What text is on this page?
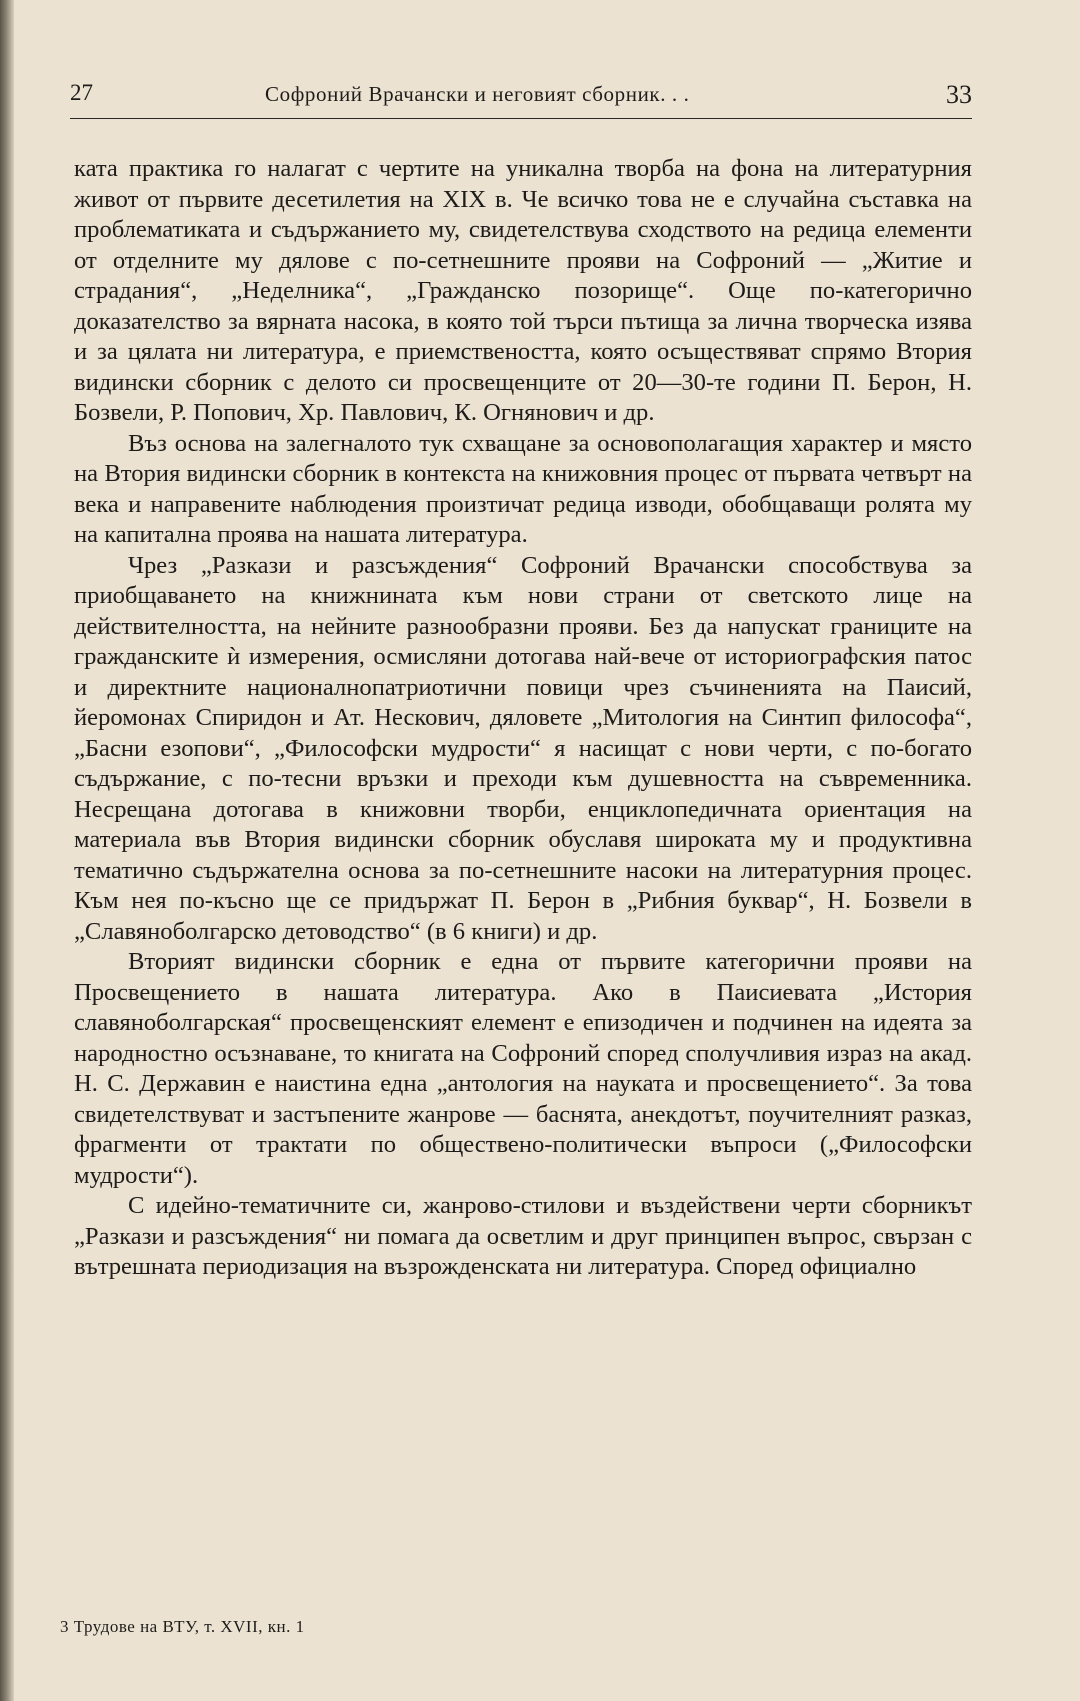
27	Софроний Врачански и неговият сборник. . .	33

ката практика го налагат с чертите на уникална творба на фона на литературния живот от първите десетилетия на XIX в. Че всичко това не е случайна съставка на проблематиката и съдържанието му, свидетелствува сходството на редица елементи от отделните му дялове с по-сетнешните прояви на Софроний — „Житие и страдания“, „Неделника“, „Гражданско позорище“. Още по-категорично доказателство за вярната насока, в която той търси пътища за лична творческа изява и за цялата ни литература, е приемствеността, която осъществяват спрямо Втория видински сборник с делото си просвещенците от 20—30-те години П. Берон, Н. Бозвели, Р. Попович, Хр. Павлович, К. Огнянович и др.

Въз основа на залегналото тук схващане за основополагащия характер и място на Втория видински сборник в контекста на книжовния процес от първата четвърт на века и направените наблюдения произтичат редица изводи, обобщаващи ролята му на капитална проява на нашата литература.

Чрез „Разкази и разсъждения“ Софроний Врачански способствува за приобщаването на книжнината към нови страни от светското лице на действителността, на нейните разнообразни прояви. Без да напускат границите на гражданските ѝ измерения, осмисляни дотогава най-вече от историографския патос и директните националнопатриотични повици чрез съчиненията на Паисий, йеромонах Спиридон и Ат. Нескович, дяловете „Митология на Синтип философа“, „Басни езопови“, „Философски мудрости“ я насищат с нови черти, с по-богато съдържание, с по-тесни връзки и преходи към душевността на съвременника. Несрещана дотогава в книжовни творби, енциклопедичната ориентация на материала във Втория видински сборник обуславя широката му и продуктивна тематично съдържателна основа за по-сетнешните насоки на литературния процес. Към нея по-късно ще се придържат П. Берон в „Рибния буквар“, Н. Бозвели в „Славяноболгарско детоводство“ (в 6 книги) и др.

Вторият видински сборник е една от първите категорични прояви на Просвещението в нашата литература. Ако в Паисиевата „История славяноболгарская“ просвещенският елемент е епизодичен и подчинен на идеята за народностно осъзнаване, то книгата на Софроний според сполучливия израз на акад. Н. С. Державин е наистина една „антология на науката и просвещението“. За това свидетелствуват и застъпените жанрове — баснята, анекдотът, поучителният разказ, фрагменти от трактати по обществено-политически въпроси („Философски мудрости“).

С идейно-тематичните си, жанрово-стилови и въздействени черти сборникът „Разкази и разсъждения“ ни помага да осветлим и друг принципен въпрос, свързан с вътрешната периодизация на възрожденската ни литература. Според официално

3 Трудове на ВТУ, т. XVII, кн. 1
